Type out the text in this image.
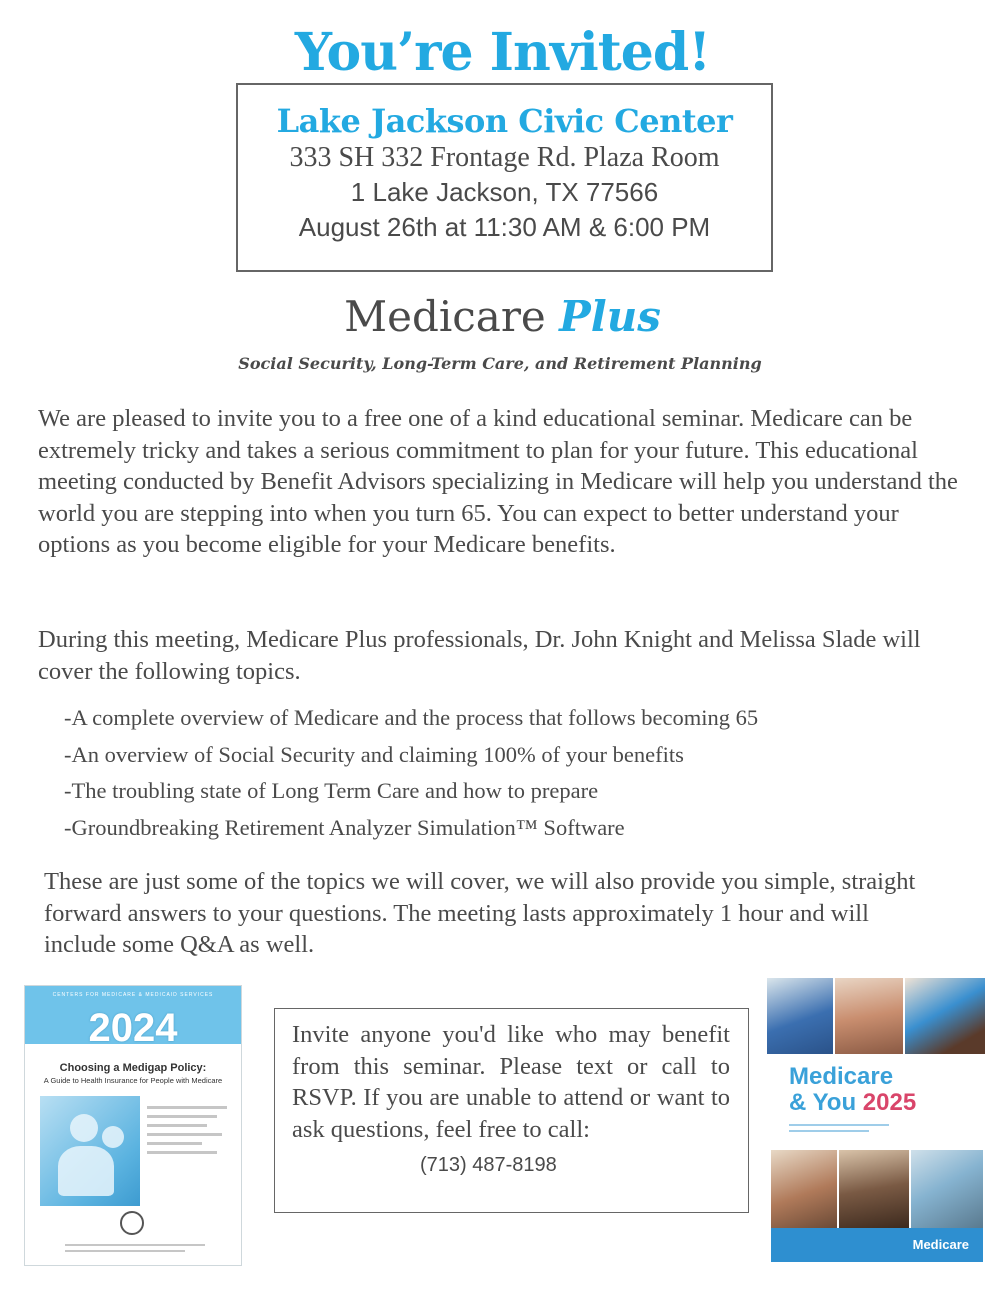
You’re Invited!
Lake Jackson Civic Center
333 SH 332 Frontage Rd. Plaza Room
1 Lake Jackson, TX 77566
August 26th at 11:30 AM & 6:00 PM
Medicare Plus
Social Security, Long-Term Care, and Retirement Planning

We are pleased to invite you to a free one of a kind educational seminar. Medicare can be extremely tricky and takes a serious commitment to plan for your future. This educational meeting conducted by Benefit Advisors specializing in Medicare will help you understand the world you are stepping into when you turn 65. You can expect to better understand your options as you become eligible for your Medicare benefits.

During this meeting, Medicare Plus professionals, Dr. John Knight and Melissa Slade will cover the following topics.

-A complete overview of Medicare and the process that follows becoming 65
-An overview of Social Security and claiming 100% of your benefits
-The troubling state of Long Term Care and how to prepare
-Groundbreaking Retirement Analyzer Simulation™ Software

These are just some of the topics we will cover, we will also provide you simple, straight forward answers to your questions. The meeting lasts approximately 1 hour and will include some Q&A as well.

CENTERS FOR MEDICARE & MEDICAID SERVICES
2024
Choosing a Medigap Policy:
A Guide to Health Insurance for People with Medicare

Invite anyone you'd like who may benefit from this seminar. Please text or call to RSVP. If you are unable to attend or want to ask questions, feel free to call:

(713) 487-8198
Medicare
& You 2025
Medicare
